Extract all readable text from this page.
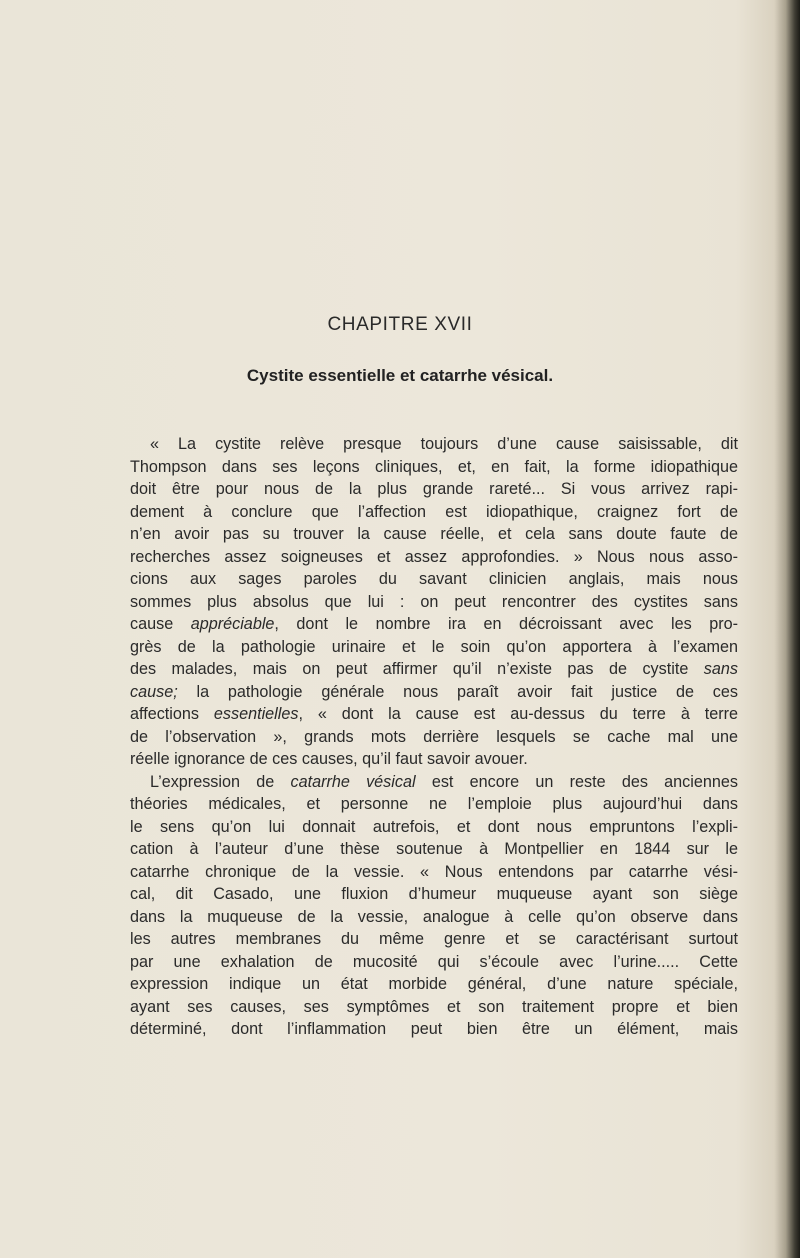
CHAPITRE XVII
Cystite essentielle et catarrhe vésical.
« La cystite relève presque toujours d’une cause saisissable, dit
Thompson dans ses leçons cliniques, et, en fait, la forme idiopathique
doit être pour nous de la plus grande rareté... Si vous arrivez rapi-
dement à conclure que l’affection est idiopathique, craignez fort de
n’en avoir pas su trouver la cause réelle, et cela sans doute faute de
recherches assez soigneuses et assez approfondies. » Nous nous asso-
cions aux sages paroles du savant clinicien anglais, mais nous
sommes plus absolus que lui : on peut rencontrer des cystites sans
cause appréciable, dont le nombre ira en décroissant avec les pro-
grès de la pathologie urinaire et le soin qu’on apportera à l’examen
des malades, mais on peut affirmer qu’il n’existe pas de cystite sans
cause; la pathologie générale nous paraît avoir fait justice de ces
affections essentielles, « dont la cause est au-dessus du terre à terre
de l’observation », grands mots derrière lesquels se cache mal une
réelle ignorance de ces causes, qu’il faut savoir avouer.
L’expression de catarrhe vésical est encore un reste des anciennes
théories médicales, et personne ne l’emploie plus aujourd’hui dans
le sens qu’on lui donnait autrefois, et dont nous empruntons l’expli-
cation à l’auteur d’une thèse soutenue à Montpellier en 1844 sur le
catarrhe chronique de la vessie. « Nous entendons par catarrhe vési-
cal, dit Casado, une fluxion d’humeur muqueuse ayant son siège
dans la muqueuse de la vessie, analogue à celle qu’on observe dans
les autres membranes du même genre et se caractérisant surtout
par une exhalation de mucosité qui s’écoule avec l’urine..... Cette
expression indique un état morbide général, d’une nature spéciale,
ayant ses causes, ses symptômes et son traitement propre et bien
déterminé, dont l’inflammation peut bien être un élément, mais
